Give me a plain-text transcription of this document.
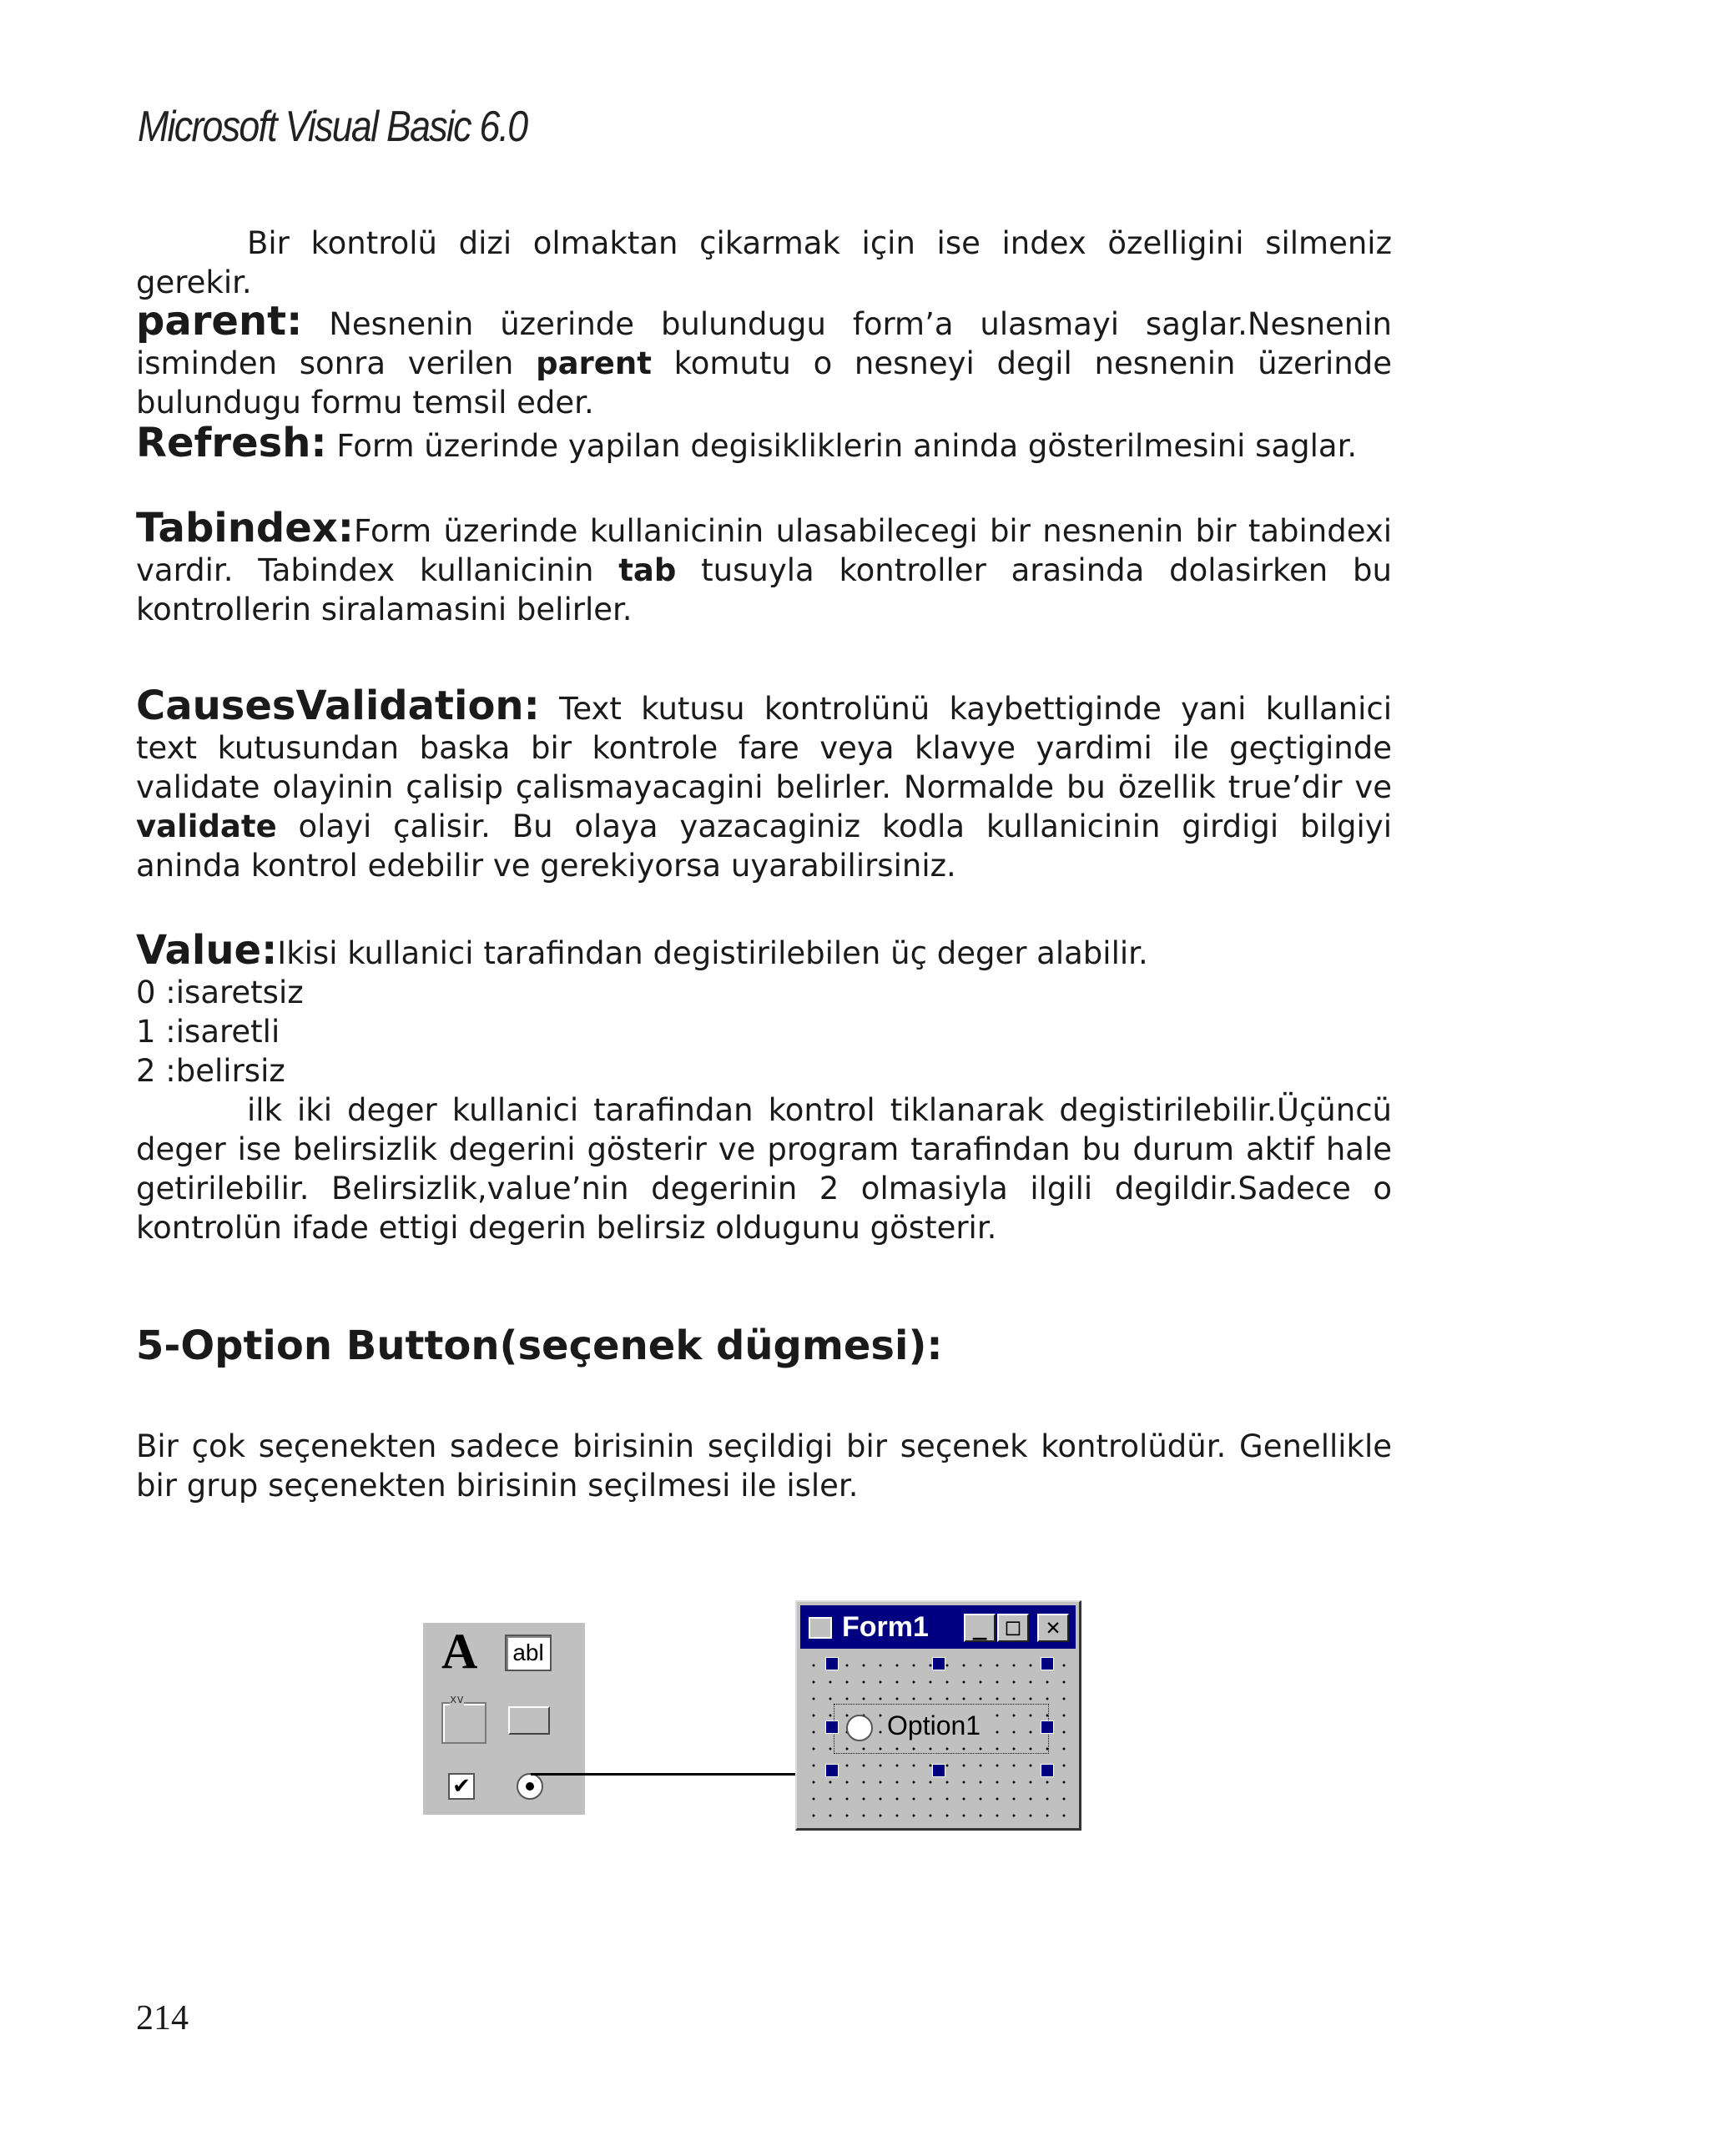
Microsoft Visual Basic 6.0

Bir kontrolü dizi olmaktan çikarmak için ise index özelligini silmeniz gerekir.

parent: Nesnenin üzerinde bulundugu form’a ulasmayi saglar.Nesnenin isminden sonra verilen parent komutu o nesneyi degil nesnenin üzerinde bulundugu formu temsil eder.

Refresh: Form üzerinde yapilan degisikliklerin aninda gösterilmesini saglar.

Tabindex:Form üzerinde kullanicinin ulasabilecegi bir nesnenin bir tabindexi vardir. Tabindex kullanicinin tab tusuyla kontroller arasinda dolasirken bu kontrollerin siralamasini belirler.

CausesValidation: Text kutusu kontrolünü kaybettiginde yani kullanici text kutusundan baska bir kontrole fare veya klavye yardimi ile geçtiginde validate olayinin çalisip çalismayacagini belirler. Normalde bu özellik true’dir ve validate olayi çalisir. Bu olaya yazacaginiz kodla kullanicinin girdigi bilgiyi aninda kontrol edebilir ve gerekiyorsa uyarabilirsiniz.

Value:Ikisi kullanici tarafindan degistirilebilen üç deger alabilir.

0 :isaretsiz

1 :isaretli

2 :belirsiz

ilk iki deger kullanici tarafindan kontrol tiklanarak degistirilebilir.Üçüncü deger ise belirsizlik degerini gösterir ve program tarafindan bu durum aktif hale getirilebilir. Belirsizlik,value’nin degerinin 2 olmasiyla ilgili degildir.Sadece o kontrolün ifade ettigi degerin belirsiz oldugunu gösterir.

5-Option Button(seçenek dügmesi):

Bir çok seçenekten sadece birisinin seçildigi bir seçenek kontrolüdür. Genellikle bir grup seçenekten birisinin seçilmesi ile isler.

A	abl
xv
✔
Form1	_ □	✕
Option1
214
